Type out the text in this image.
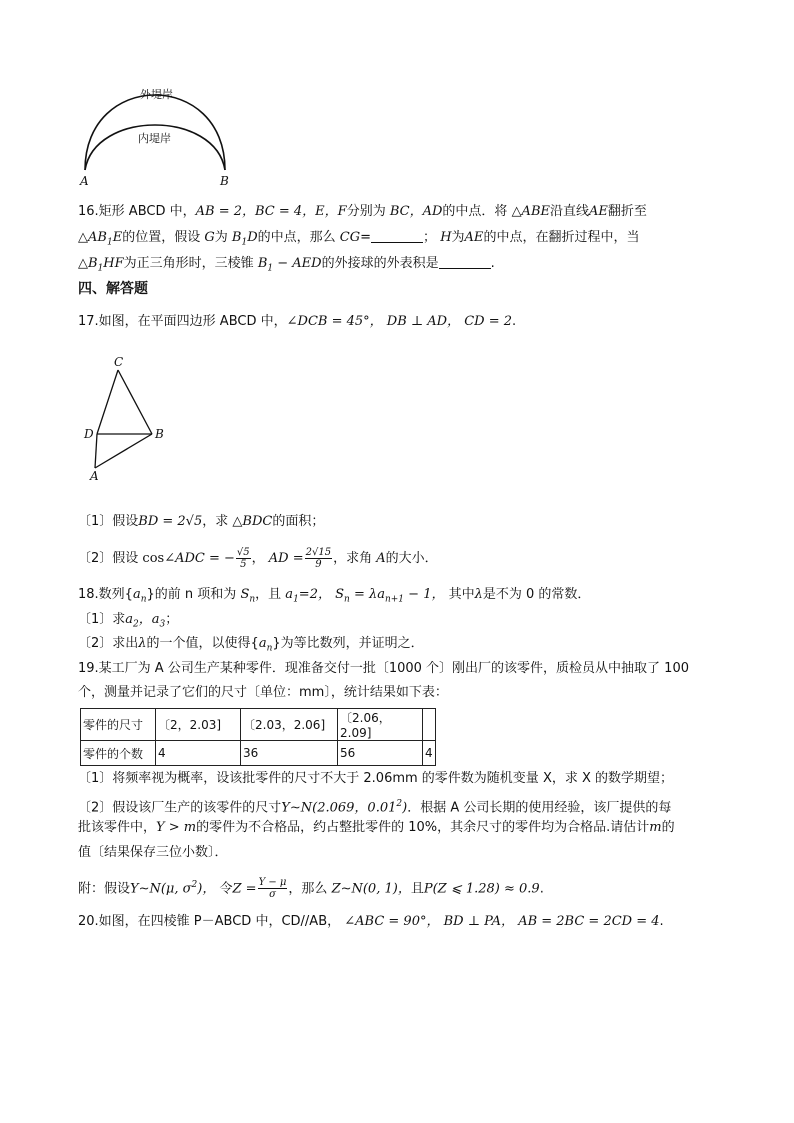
外堤岸
内堤岸
A	B
16.矩形 ABCD 中，AB = 2，BC = 4，E，F分别为 BC，AD的中点．将 △ABE沿直线AE翻折至
$\triangle AB_1E$的位置，假设 G为 $B_1D$的中点，那么 CG=	； H为AE的中点，在翻折过程中，当
$\triangle B_1HF$为正三角形时，三棱锥 $B_1$ − AED的外接球的外表积是	.
四、解答题
17.如图，在平面四边形 ABCD 中，∠DCB = 45°， DB ⊥ AD， CD = 2.
C
D	B
A
〔1〕假设BD = 2√5，求 △BDC的面积；
〔2〕假设 cos∠ADC = − $\frac{√5}{5}$ ， AD = $\frac{2√15}{9}$ ，求角 A的大小．
18.数列$\{a_n\}$的前 n 项和为 $S_n$，且 $a_1=2$， $S_n = \lambda a_{n+1} - 1$， 其中λ是不为 0 的常数．
〔1〕求$a_2$，$a_3$；
〔2〕求出λ的一个值，以使得$\{a_n\}$为等比数列，并证明之．
19.某工厂为 A 公司生产某种零件．现准备交付一批〔1000 个〕刚出厂的该零件，质检员从中抽取了 100
个，测量并记录了它们的尺寸〔单位：mm〕，统计结果如下表：
零件的尺寸	〔2，2.03]	〔2.03，2.06]	〔2.06，2.09]	
零件的个数	4	36	56	4
〔1〕将频率视为概率，设该批零件的尺寸不大于 2.06mm 的零件数为随机变量 X，求 X 的数学期望；
〔2〕假设该厂生产的该零件的尺寸Y∼N(2.069，0.01$^2$)．根据 A 公司长期的使用经验，该厂提供的每
批该零件中，Y > m的零件为不合格品，约占整批零件的 10%，其余尺寸的零件均为合格品.请估计m的
值〔结果保存三位小数〕．
附：假设Y∼N(μ, $\sigma^2$)， 令$Z = \frac{Y - \mu}{\sigma}$ ，那么 Z∼N(0, 1)，且P(Z ⩽ 1.28) ≈ 0.9.
20.如图，在四棱锥 P－ABCD 中，CD//AB， ∠ABC = 90°， BD ⊥ PA， AB = 2BC = 2CD = 4.
